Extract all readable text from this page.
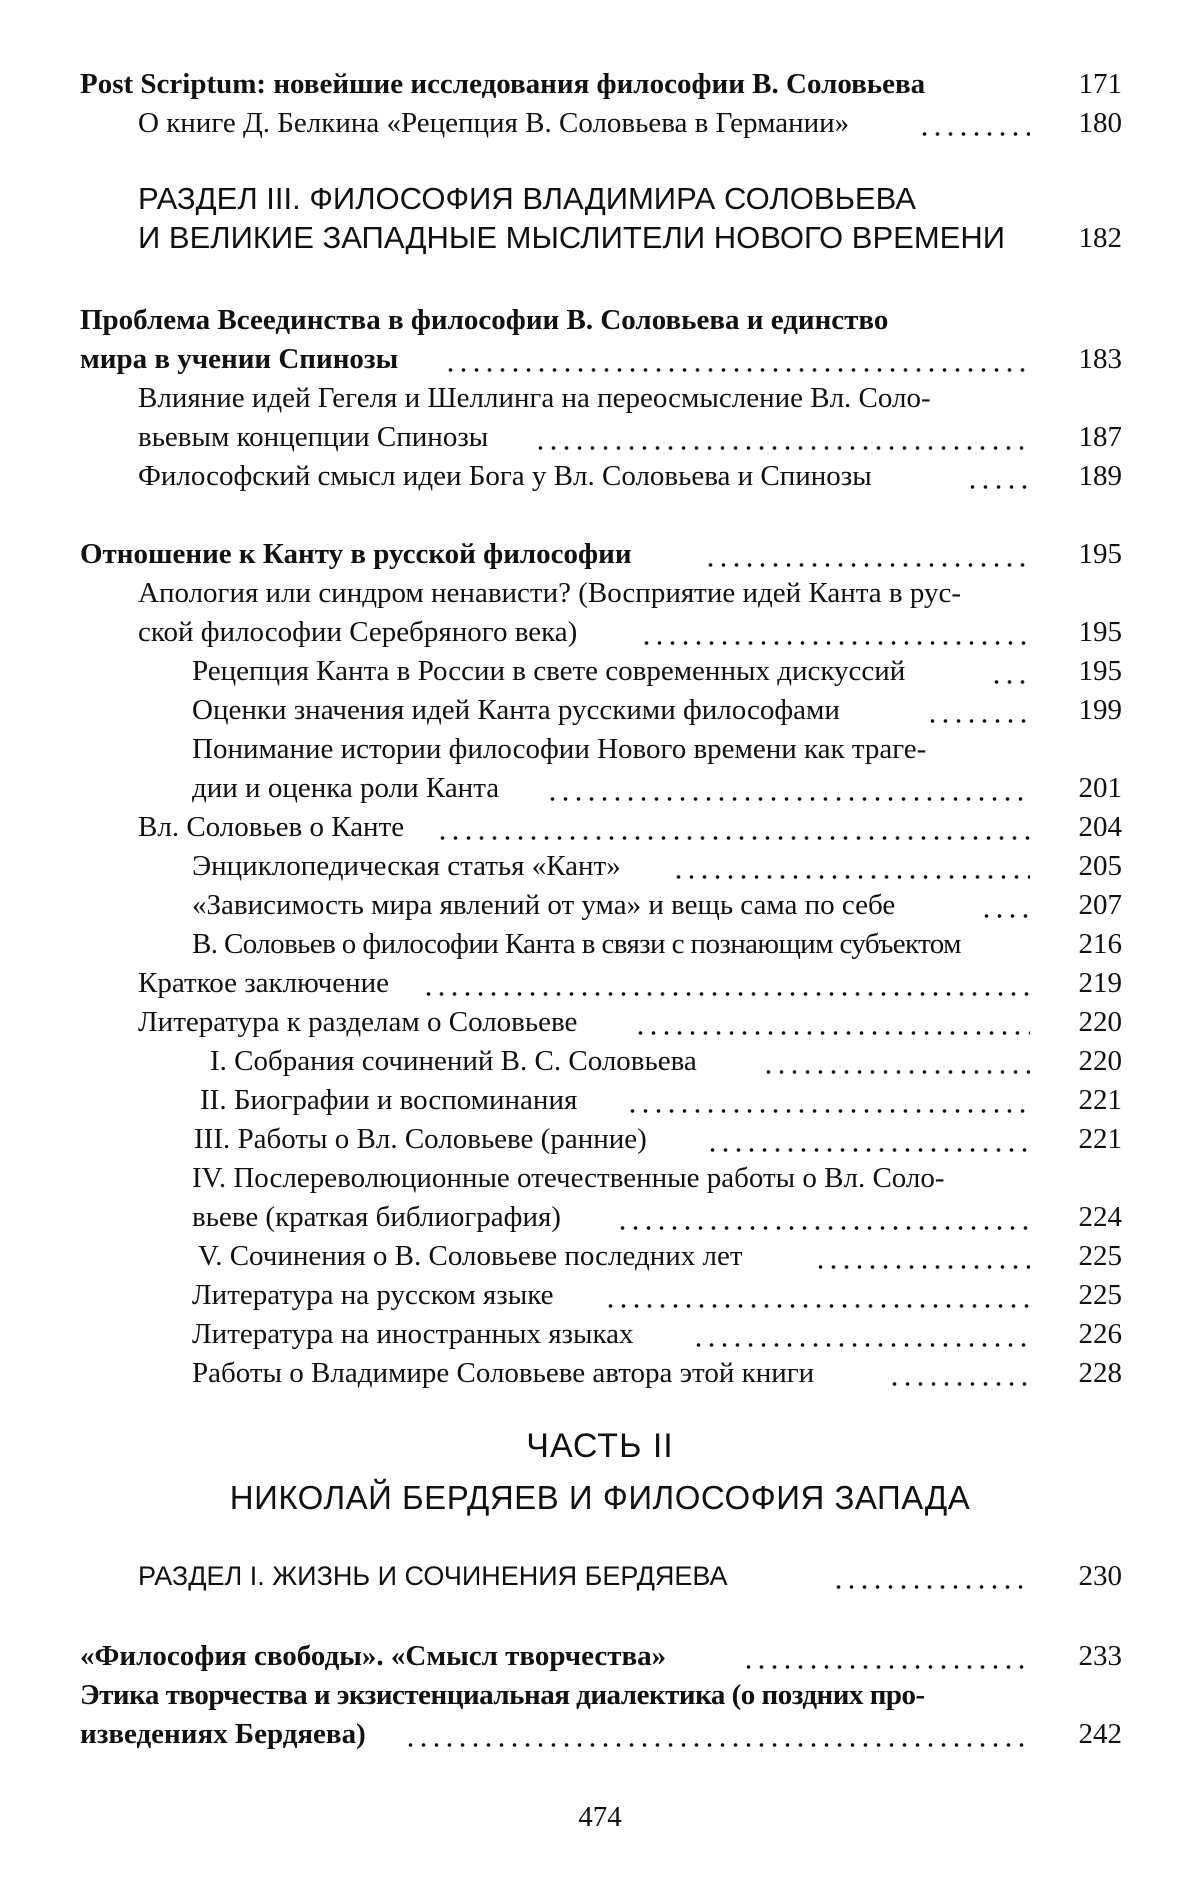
Post Scriptum: новейшие исследования философии В. Соловьева	171
О книге Д. Белкина «Рецепция В. Соловьева в Германии»	180
РАЗДЕЛ III. ФИЛОСОФИЯ ВЛАДИМИРА СОЛОВЬЕВА
И ВЕЛИКИЕ ЗАПАДНЫЕ МЫСЛИТЕЛИ НОВОГО ВРЕМЕНИ	182
Проблема Всеединства в философии В. Соловьева и единство
мира в учении Спинозы	183
Влияние идей Гегеля и Шеллинга на переосмысление Вл. Соло-
вьевым концепции Спинозы	187
Философский смысл идеи Бога у Вл. Соловьева и Спинозы	189
Отношение к Канту в русской философии	195
Апология или синдром ненависти? (Восприятие идей Канта в рус-
ской философии Серебряного века)	195
Рецепция Канта в России в свете современных дискуссий	195
Оценки значения идей Канта русскими философами	199
Понимание истории философии Нового времени как траге-
дии и оценка роли Канта	201
Вл. Соловьев о Канте	204
Энциклопедическая статья «Кант»	205
«Зависимость мира явлений от ума» и вещь сама по себе	207
В. Соловьев о философии Канта в связи с познающим субъектом	216
Краткое заключение	219
Литература к разделам о Соловьеве	220
I. Собрания сочинений В. С. Соловьева	220
II. Биографии и воспоминания	221
III. Работы о Вл. Соловьеве (ранние)	221
IV. Послереволюционные отечественные работы о Вл. Соло-
вьеве (краткая библиография)	224
V. Сочинения о В. Соловьеве последних лет	225
Литература на русском языке	225
Литература на иностранных языках	226
Работы о Владимире Соловьеве автора этой книги	228
ЧАСТЬ II
НИКОЛАЙ БЕРДЯЕВ И ФИЛОСОФИЯ ЗАПАДА
РАЗДЕЛ I. ЖИЗНЬ И СОЧИНЕНИЯ БЕРДЯЕВА	230
«Философия свободы». «Смысл творчества»	233
Этика творчества и экзистенциальная диалектика (о поздних про-
изведениях Бердяева)	242
474
